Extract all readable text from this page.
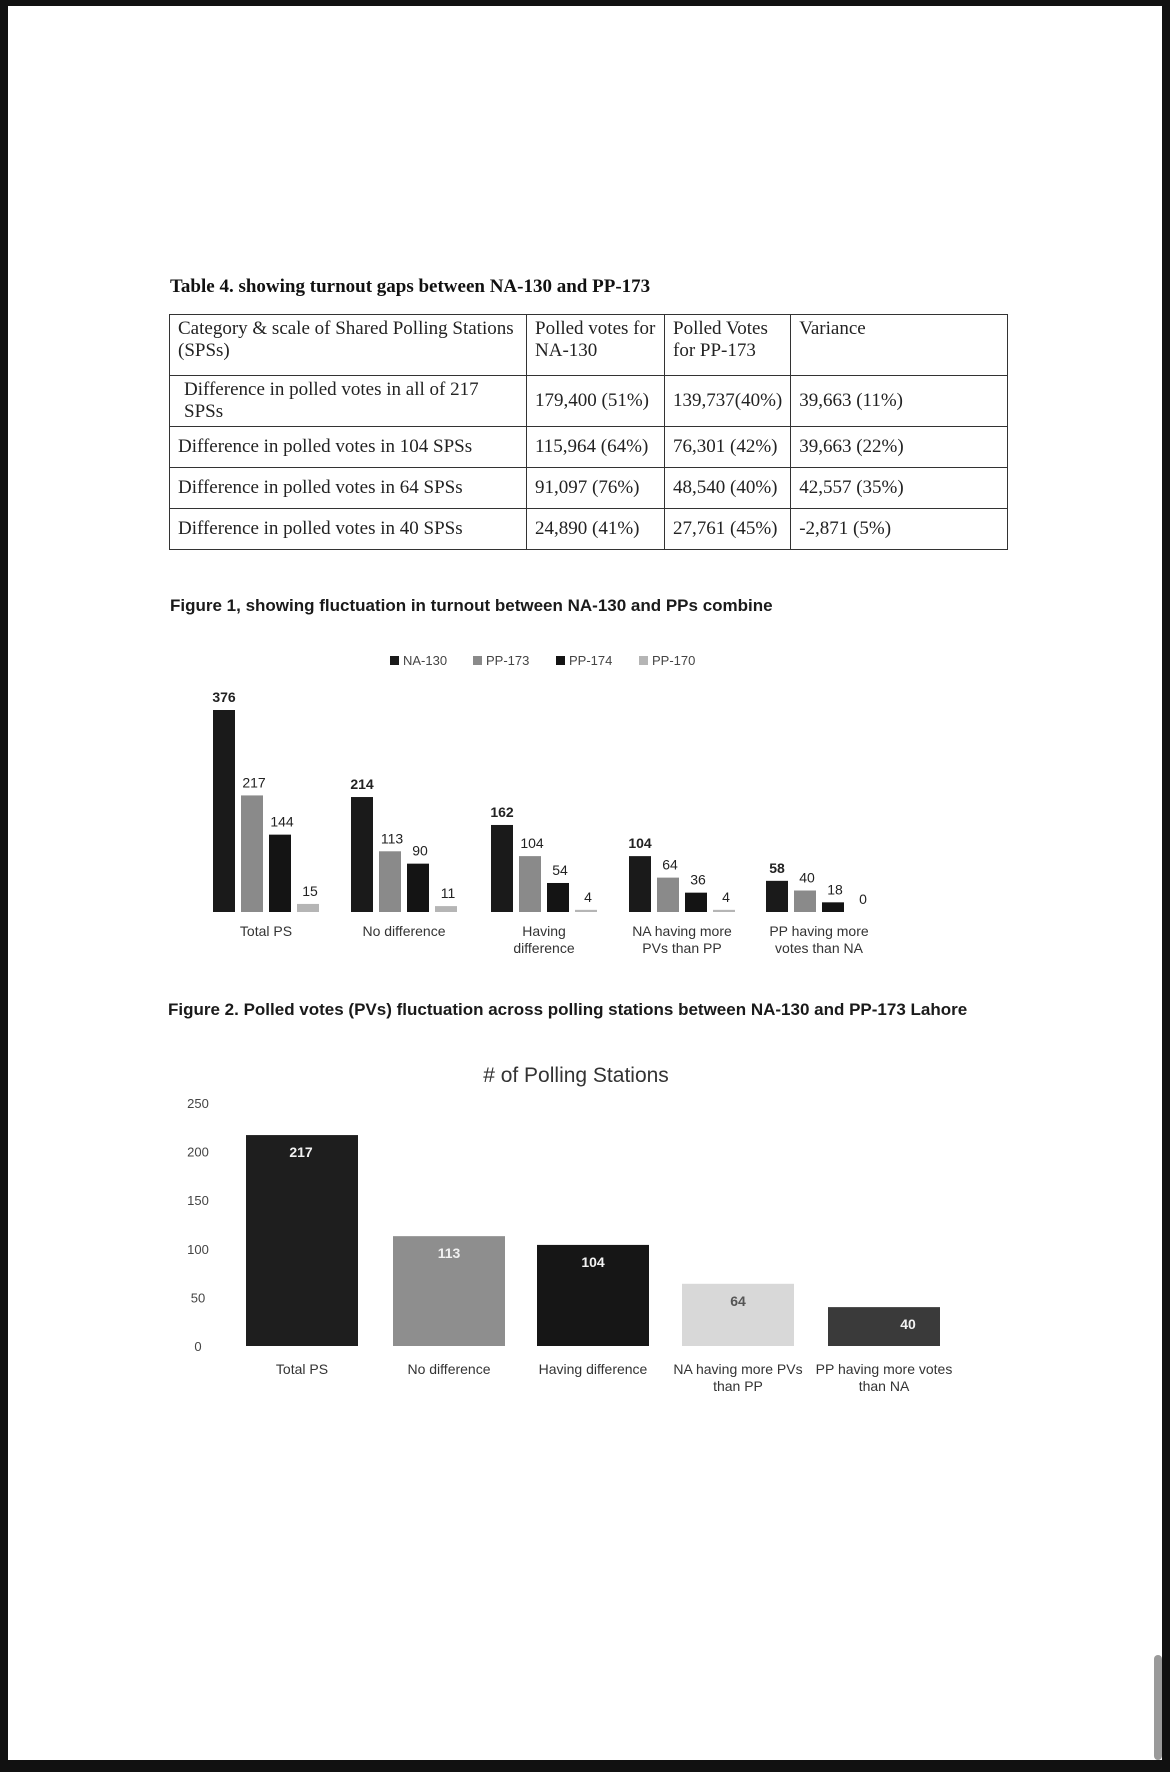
Table 4. showing turnout gaps between NA-130 and PP-173
Category & scale of Shared Polling Stations (SPSs)	Polled votes for NA-130	Polled Votes for PP-173	Variance
Difference in polled votes in all of 217 SPSs	179,400 (51%)	139,737(40%)	39,663 (11%)
Difference in polled votes in 104 SPSs	115,964 (64%)	76,301 (42%)	39,663 (22%)
Difference in polled votes in 64 SPSs	91,097 (76%)	48,540 (40%)	42,557 (35%)
Difference in polled votes in 40 SPSs	24,890 (41%)	27,761 (45%)	-2,871 (5%)
Figure 1, showing fluctuation in turnout between NA-130 and PPs combine
NA-130	PP-173	PP-174	PP-170
376
217
144
15
Total PS
214
113
90
11
No difference
162
104
54
4
Having difference
104
64
36
4
NA having more PVs than PP
58
40
18
0
PP having more votes than NA
Figure 2. Polled votes (PVs) fluctuation across polling stations between NA-130 and PP-173 Lahore
# of Polling Stations
0
50
100
150
200
250
217
Total PS
113
No difference
104
Having difference
64
NA having more PVs than PP
40
PP having more votes than NA
